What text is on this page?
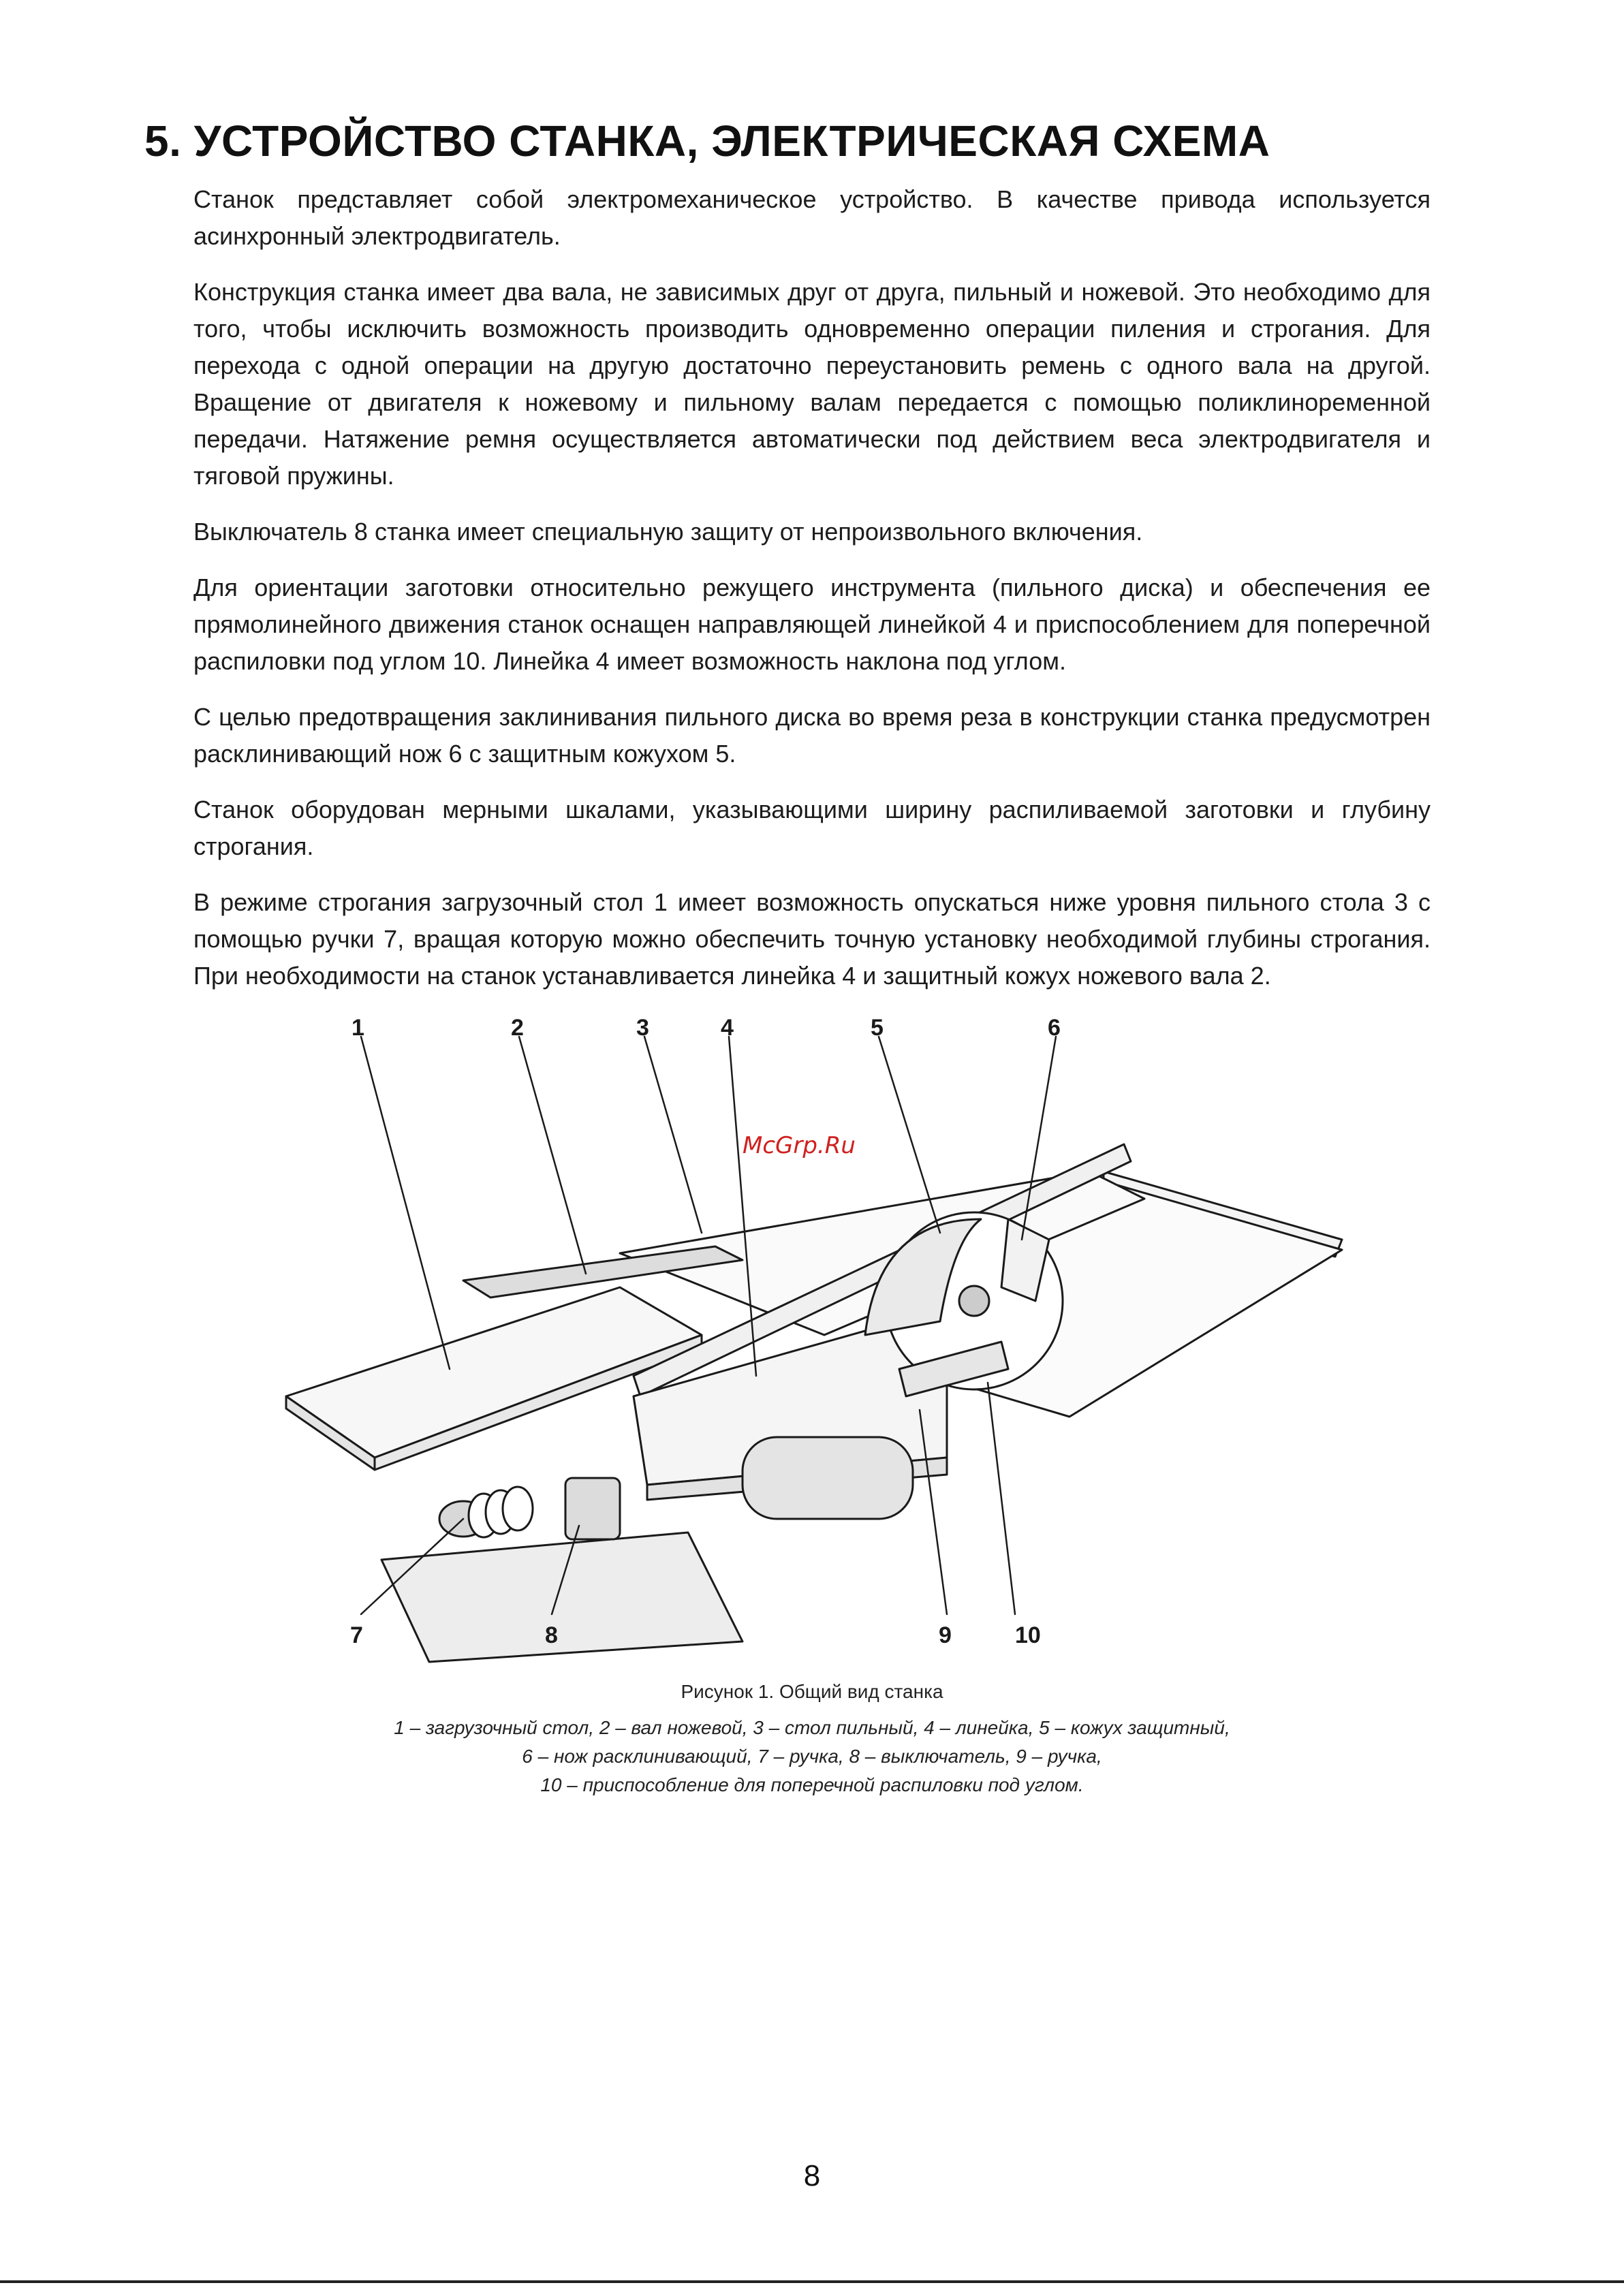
5. УСТРОЙСТВО СТАНКА, ЭЛЕКТРИЧЕСКАЯ СХЕМА

Станок представляет собой электромеханическое устройство. В качестве привода используется асинхронный электродвигатель.

Конструкция станка имеет два вала, не зависимых друг от друга, пильный и ножевой. Это необходимо для того, чтобы исключить возможность производить одновременно операции пиления и строгания. Для перехода с одной операции на другую достаточно переустановить ремень с одного вала на другой. Вращение от двигателя к ножевому и пильному валам передается с помощью поликлиноременной передачи. Натяжение ремня осуществляется автоматически под действием веса электродвигателя и тяговой пружины.

Выключатель 8 станка имеет специальную защиту от непроизвольного включения.

Для ориентации заготовки относительно режущего инструмента (пильного диска) и обеспечения ее прямолинейного движения станок оснащен направляющей линейкой 4 и приспособлением для поперечной распиловки под углом 10. Линейка 4 имеет возможность наклона под углом.

С целью предотвращения заклинивания пильного диска во время реза в конструкции станка предусмотрен расклинивающий нож 6 с защитным кожухом 5.

Станок оборудован мерными шкалами, указывающими ширину распиливаемой заготовки и глубину строгания.

В режиме строгания загрузочный стол 1 имеет возможность опускаться ниже уровня пильного стола 3 с помощью ручки 7, вращая которую можно обеспечить точную установку необходимой глубины строгания. При необходимости на станок устанавливается линейка 4 и защитный кожух ножевого вала 2.

McGrp.Ru
1	2	3	4	5	6
7	8	9	10
Рисунок 1. Общий вид станка
1 – загрузочный стол, 2 – вал ножевой, 3 – стол пильный, 4 – линейка, 5 – кожух защитный,
6 – нож расклинивающий, 7 – ручка, 8 – выключатель, 9 – ручка,
10 – приспособление для поперечной распиловки под углом.
8
